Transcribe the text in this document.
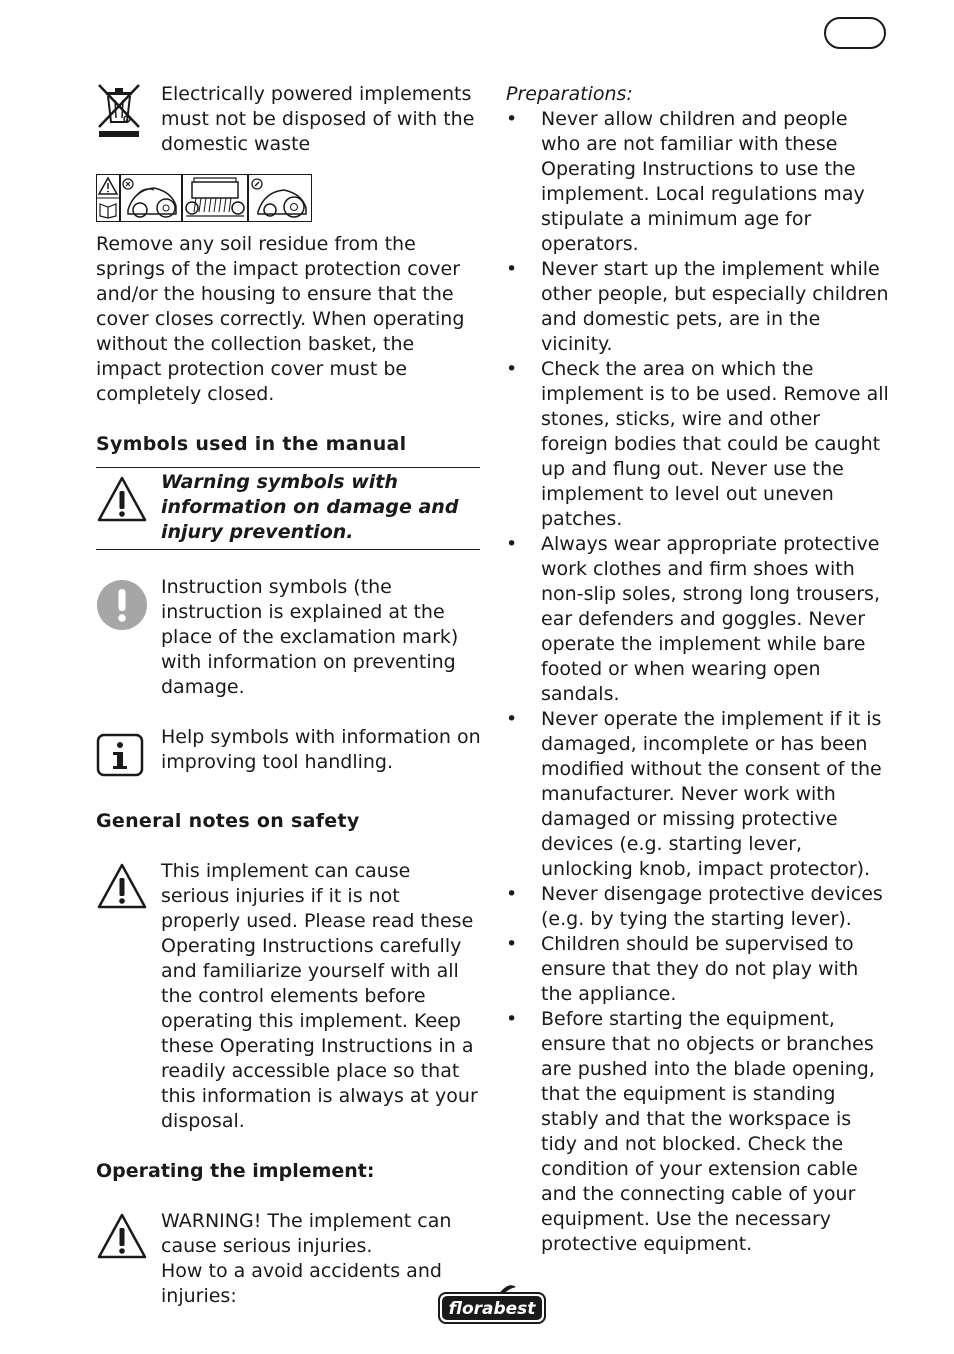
Electrically powered implements must not be disposed of with the domestic waste

Remove any soil residue from the springs of the impact protection cover and/or the housing to ensure that the cover closes correctly. When operating without the collection basket, the impact protection cover must be completely closed.

Symbols used in the manual
Warning symbols with information on damage and injury prevention.
Instruction symbols (the instruction is explained at the place of the exclamation mark) with information on preventing damage.
Help symbols with information on improving tool handling.
General notes on safety
This implement can cause serious injuries if it is not properly used. Please read these Operating Instructions carefully and familiarize yourself with all the control elements before operating this implement. Keep these Operating Instructions in a readily accessible place so that this information is always at your disposal.
Operating the implement:
WARNING! The implement can cause serious injuries.
How to a avoid accidents and injuries:
Preparations:
• Never allow children and people who are not familiar with these Operating Instructions to use the implement. Local regulations may stipulate a minimum age for operators.
• Never start up the implement while other people, but especially children and domestic pets, are in the vicinity.
• Check the area on which the implement is to be used. Remove all stones, sticks, wire and other foreign bodies that could be caught up and flung out. Never use the implement to level out uneven patches.
• Always wear appropriate protective work clothes and firm shoes with non-slip soles, strong long trousers, ear defenders and goggles. Never operate the implement while bare footed or when wearing open sandals.
• Never operate the implement if it is damaged, incomplete or has been modified without the consent of the manufacturer. Never work with damaged or missing protective devices (e.g. starting lever, unlocking knob, impact protector).
• Never disengage protective devices (e.g. by tying the starting lever).
• Children should be supervised to ensure that they do not play with the appliance.
• Before starting the equipment, ensure that no objects or branches are pushed into the blade opening, that the equipment is standing stably and that the workspace is tidy and not blocked. Check the condition of your extension cable and the connecting cable of your equipment. Use the necessary protective equipment.
florabest
